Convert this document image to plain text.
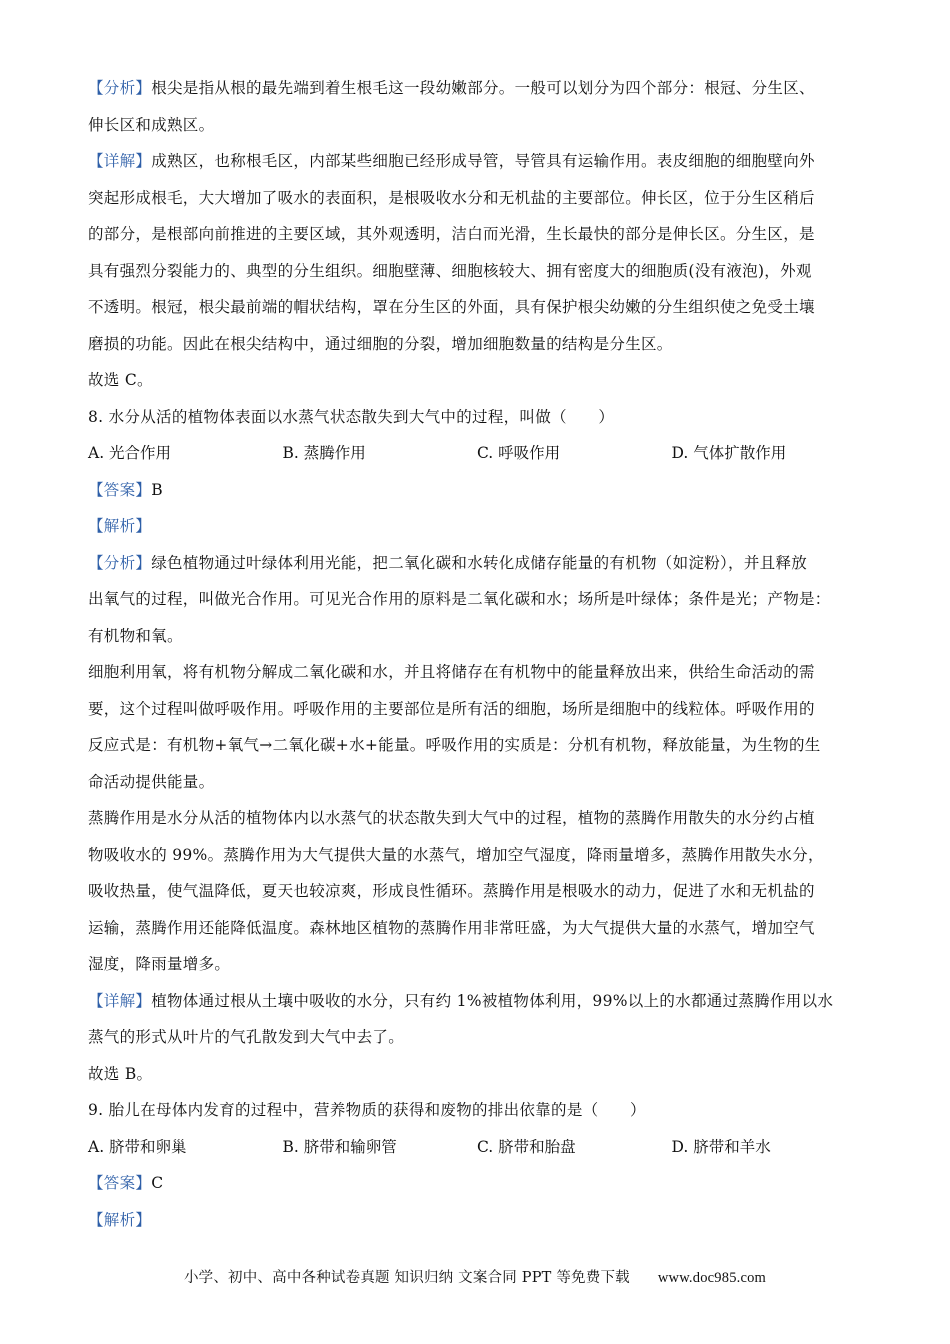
【分析】根尖是指从根的最先端到着生根毛这一段幼嫩部分。一般可以划分为四个部分：根冠、分生区、
伸长区和成熟区。
【详解】成熟区，也称根毛区，内部某些细胞已经形成导管，导管具有运输作用。表皮细胞的细胞壁向外
突起形成根毛，大大增加了吸水的表面积，是根吸收水分和无机盐的主要部位。伸长区，位于分生区稍后
的部分，是根部向前推进的主要区域，其外观透明，洁白而光滑，生长最快的部分是伸长区。分生区，是
具有强烈分裂能力的、典型的分生组织。细胞壁薄、细胞核较大、拥有密度大的细胞质(没有液泡)，外观
不透明。根冠，根尖最前端的帽状结构，罩在分生区的外面，具有保护根尖幼嫩的分生组织使之免受土壤
磨损的功能。因此在根尖结构中，通过细胞的分裂，增加细胞数量的结构是分生区。
故选 C。
8. 水分从活的植物体表面以水蒸气状态散失到大气中的过程，叫做（　　）
A. 光合作用	B. 蒸腾作用	C. 呼吸作用	D. 气体扩散作用
【答案】B
【解析】
【分析】绿色植物通过叶绿体利用光能，把二氧化碳和水转化成储存能量的有机物（如淀粉），并且释放
出氧气的过程，叫做光合作用。可见光合作用的原料是二氧化碳和水；场所是叶绿体；条件是光；产物是：
有机物和氧。
细胞利用氧，将有机物分解成二氧化碳和水，并且将储存在有机物中的能量释放出来，供给生命活动的需
要，这个过程叫做呼吸作用。呼吸作用的主要部位是所有活的细胞，场所是细胞中的线粒体。呼吸作用的
反应式是：有机物+氧气→二氧化碳+水+能量。呼吸作用的实质是：分机有机物，释放能量，为生物的生
命活动提供能量。
蒸腾作用是水分从活的植物体内以水蒸气的状态散失到大气中的过程，植物的蒸腾作用散失的水分约占植
物吸收水的 99%。蒸腾作用为大气提供大量的水蒸气，增加空气湿度，降雨量增多，蒸腾作用散失水分，
吸收热量，使气温降低，夏天也较凉爽，形成良性循环。蒸腾作用是根吸水的动力，促进了水和无机盐的
运输，蒸腾作用还能降低温度。森林地区植物的蒸腾作用非常旺盛，为大气提供大量的水蒸气，增加空气
湿度，降雨量增多。
【详解】植物体通过根从土壤中吸收的水分，只有约 1%被植物体利用，99%以上的水都通过蒸腾作用以水
蒸气的形式从叶片的气孔散发到大气中去了。
故选 B。
9. 胎儿在母体内发育的过程中，营养物质的获得和废物的排出依靠的是（　　）
A. 脐带和卵巢	B. 脐带和输卵管	C. 脐带和胎盘	D. 脐带和羊水
【答案】C
【解析】
小学、初中、高中各种试卷真题 知识归纳 文案合同 PPT 等免费下载 www.doc985.com
